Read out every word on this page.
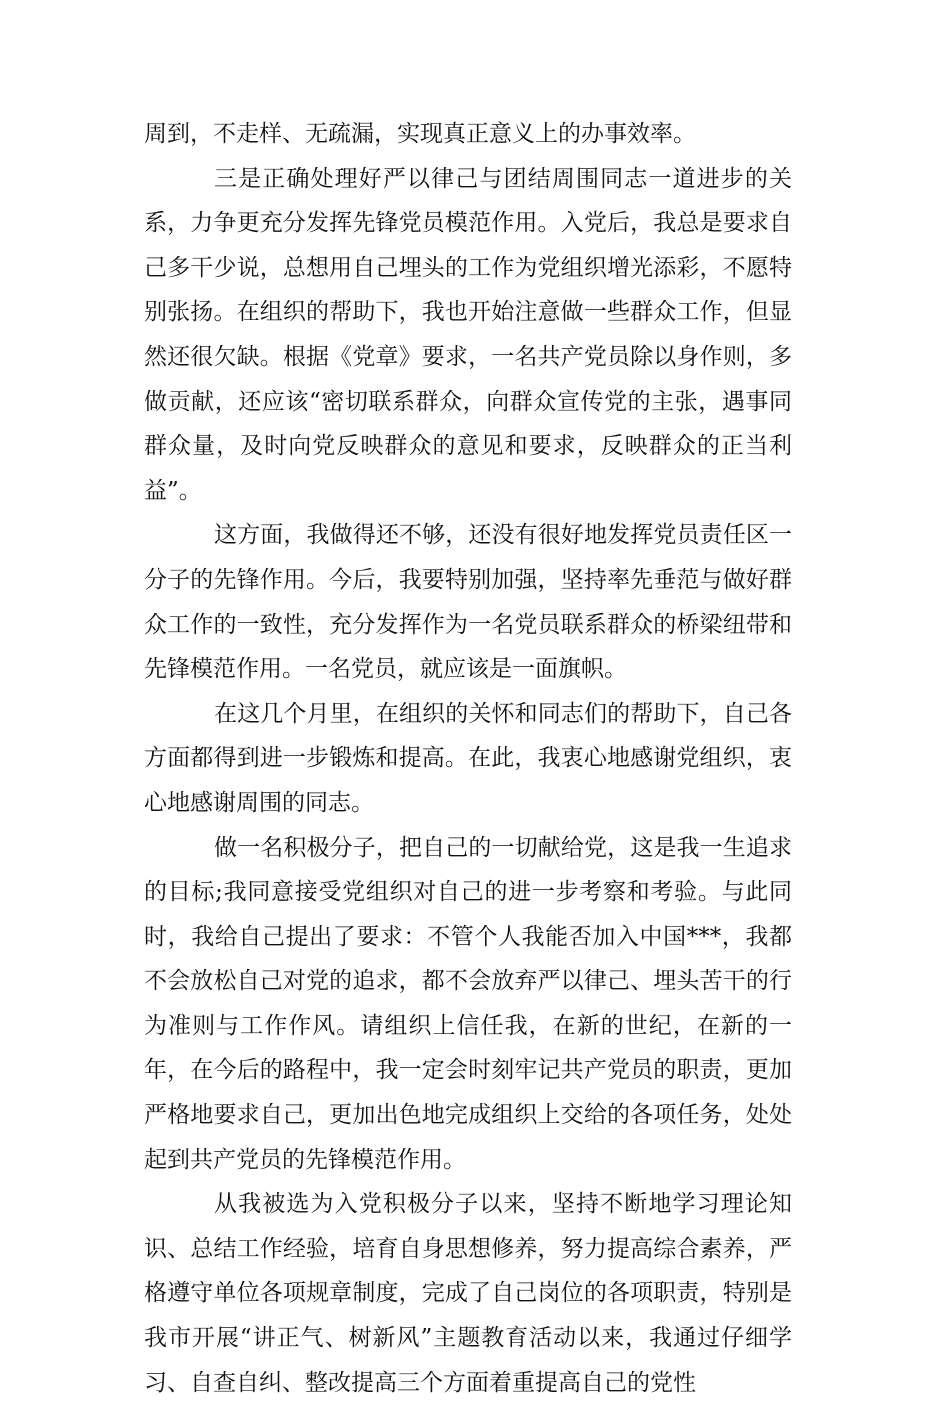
周到，不走样、无疏漏，实现真正意义上的办事效率。

三是正确处理好严以律己与团结周围同志一道进步的关系，力争更充分发挥先锋党员模范作用。入党后，我总是要求自己多干少说，总想用自己埋头的工作为党组织增光添彩，不愿特别张扬。在组织的帮助下，我也开始注意做一些群众工作，但显然还很欠缺。根据《党章》要求，一名共产党员除以身作则，多做贡献，还应该“密切联系群众，向群众宣传党的主张，遇事同群众量，及时向党反映群众的意见和要求，反映群众的正当利益”。

这方面，我做得还不够，还没有很好地发挥党员责任区一分子的先锋作用。今后，我要特别加强，坚持率先垂范与做好群众工作的一致性，充分发挥作为一名党员联系群众的桥梁纽带和先锋模范作用。一名党员，就应该是一面旗帜。

在这几个月里，在组织的关怀和同志们的帮助下，自己各方面都得到进一步锻炼和提高。在此，我衷心地感谢党组织，衷心地感谢周围的同志。

做一名积极分子，把自己的一切献给党，这是我一生追求的目标;我同意接受党组织对自己的进一步考察和考验。与此同时，我给自己提出了要求：不管个人我能否加入中国***，我都不会放松自己对党的追求，都不会放弃严以律己、埋头苦干的行为准则与工作作风。请组织上信任我，在新的世纪，在新的一年，在今后的路程中，我一定会时刻牢记共产党员的职责，更加严格地要求自己，更加出色地完成组织上交给的各项任务，处处起到共产党员的先锋模范作用。

从我被选为入党积极分子以来，坚持不断地学习理论知识、总结工作经验，培育自身思想修养，努力提高综合素养，严格遵守单位各项规章制度，完成了自己岗位的各项职责，特别是我市开展“讲正气、树新风”主题教育活动以来，我通过仔细学习、自查自纠、整改提高三个方面着重提高自己的党性
